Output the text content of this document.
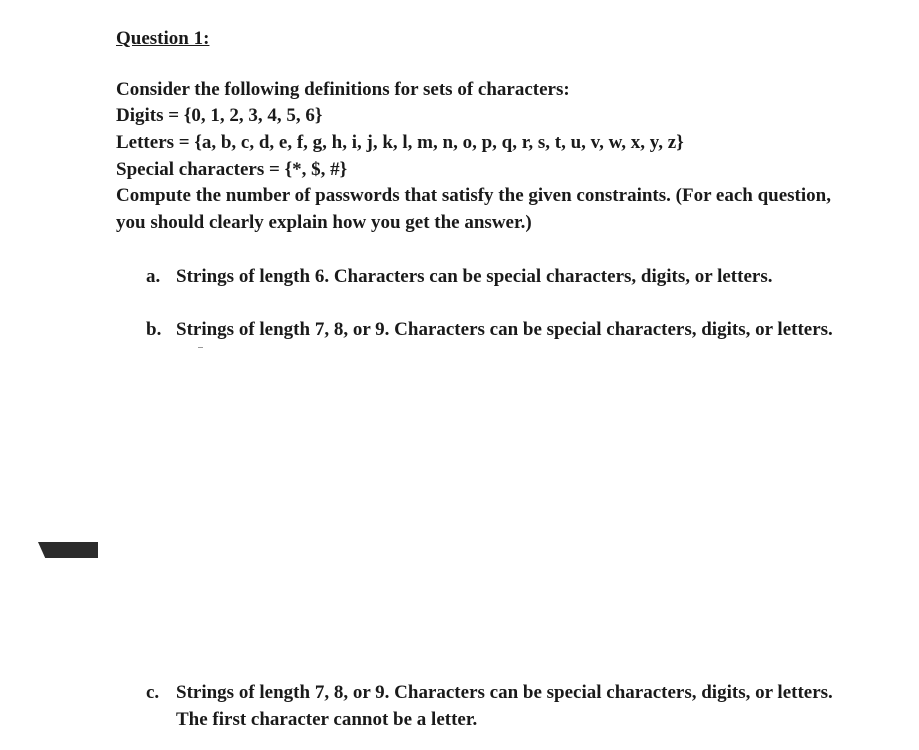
Question 1:
Consider the following definitions for sets of characters:
Digits = {0, 1, 2, 3, 4, 5, 6}
Letters = {a, b, c, d, e, f, g, h, i, j, k, l, m, n, o, p, q, r, s, t, u, v, w, x, y, z}
Special characters = {*, $, #}
Compute the number of passwords that satisfy the given constraints. (For each question,
you should clearly explain how you get the answer.)
a. Strings of length 6. Characters can be special characters, digits, or letters.
b. Strings of length 7, 8, or 9. Characters can be special characters, digits, or letters.
c. Strings of length 7, 8, or 9. Characters can be special characters, digits, or letters.
The first character cannot be a letter.
